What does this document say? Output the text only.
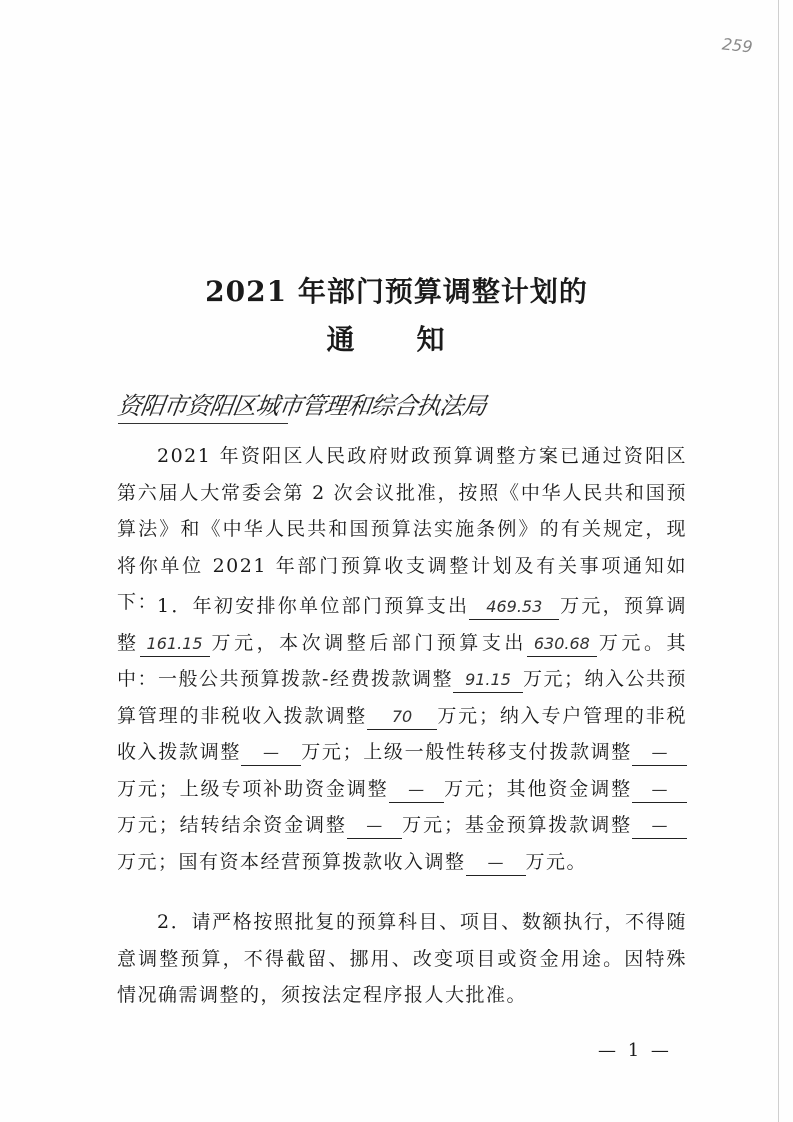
259
2021 年部门预算调整计划的
通知
资阳市资阳区城市管理和综合执法局
2021 年资阳区人民政府财政预算调整方案已通过资阳区第六届人大常委会第 2 次会议批准，按照《中华人民共和国预算法》和《中华人民共和国预算法实施条例》的有关规定，现将你单位 2021 年部门预算收支调整计划及有关事项通知如下：
1．年初安排你单位部门预算支出 469.53 万元，预算调整 161.15 万元，本次调整后部门预算支出 630.68 万元。其中：一般公共预算拨款-经费拨款调整 91.15 万元；纳入公共预算管理的非税收入拨款调整 70 万元；纳入专户管理的非税收入拨款调整 — 万元；上级一般性转移支付拨款调整 —万元；上级专项补助资金调整 — 万元；其他资金调整 —万元；结转结余资金调整 — 万元；基金预算拨款调整 —万元；国有资本经营预算拨款收入调整 — 万元。
2．请严格按照批复的预算科目、项目、数额执行，不得随意调整预算，不得截留、挪用、改变项目或资金用途。因特殊情况确需调整的，须按法定程序报人大批准。
— 1 —
